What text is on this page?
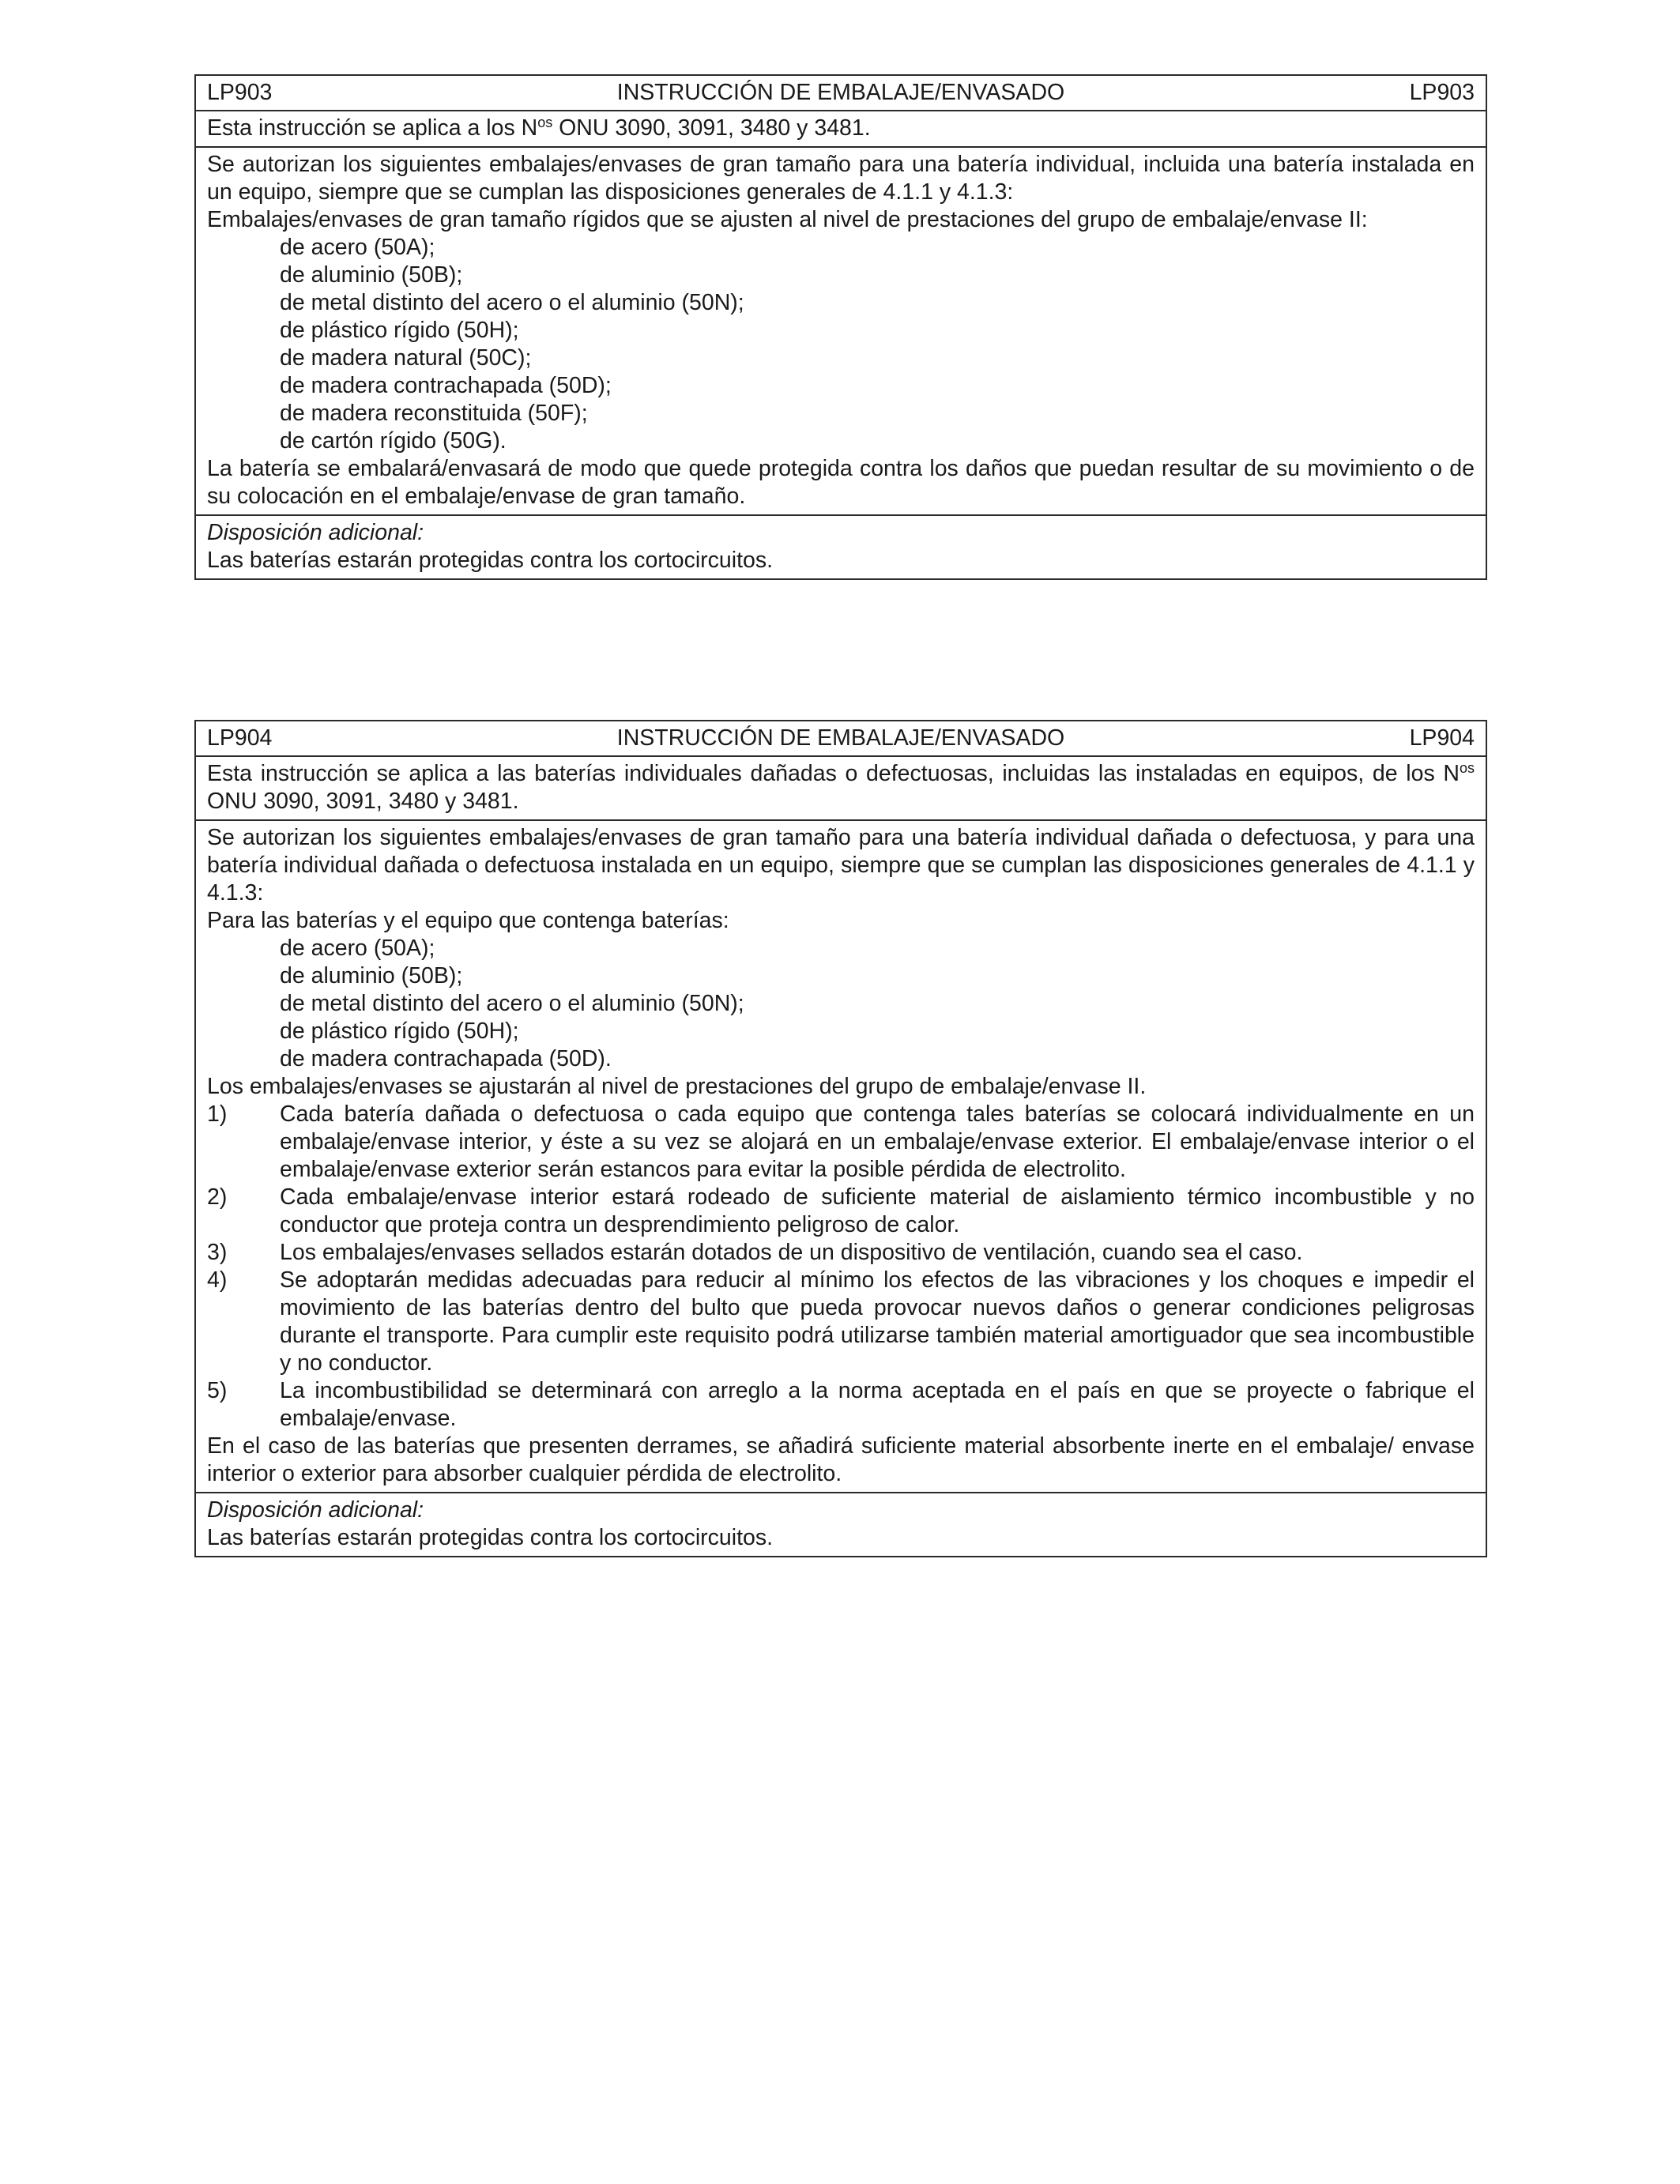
LP903	INSTRUCCIÓN DE EMBALAJE/ENVASADO	LP903

Esta instrucción se aplica a los $N^{os}$ ONU 3090, 3091, 3480 y 3481.

Se autorizan los siguientes embalajes/envases de gran tamaño para una batería individual, incluida una batería instalada en un equipo, siempre que se cumplan las disposiciones generales de 4.1.1 y 4.1.3:

Embalajes/envases de gran tamaño rígidos que se ajusten al nivel de prestaciones del grupo de embalaje/envase II:

de acero (50A);
de aluminio (50B);
de metal distinto del acero o el aluminio (50N);
de plástico rígido (50H);
de madera natural (50C);
de madera contrachapada (50D);
de madera reconstituida (50F);
de cartón rígido (50G).

La batería se embalará/envasará de modo que quede protegida contra los daños que puedan resultar de su movimiento o de su colocación en el embalaje/envase de gran tamaño.

Disposición adicional:

Las baterías estarán protegidas contra los cortocircuitos.

LP904	INSTRUCCIÓN DE EMBALAJE/ENVASADO	LP904

Esta instrucción se aplica a las baterías individuales dañadas o defectuosas, incluidas las instaladas en equipos, de los $N^{os}$ ONU 3090, 3091, 3480 y 3481.

Se autorizan los siguientes embalajes/envases de gran tamaño para una batería individual dañada o defectuosa, y para una batería individual dañada o defectuosa instalada en un equipo, siempre que se cumplan las disposiciones generales de 4.1.1 y 4.1.3:

Para las baterías y el equipo que contenga baterías:

de acero (50A);
de aluminio (50B);
de metal distinto del acero o el aluminio (50N);
de plástico rígido (50H);
de madera contrachapada (50D).

Los embalajes/envases se ajustarán al nivel de prestaciones del grupo de embalaje/envase II.

1)	Cada batería dañada o defectuosa o cada equipo que contenga tales baterías se colocará individualmente en un embalaje/envase interior, y éste a su vez se alojará en un embalaje/envase exterior. El embalaje/envase interior o el embalaje/envase exterior serán estancos para evitar la posible pérdida de electrolito.
2)	Cada embalaje/envase interior estará rodeado de suficiente material de aislamiento térmico incombustible y no conductor que proteja contra un desprendimiento peligroso de calor.
3)	Los embalajes/envases sellados estarán dotados de un dispositivo de ventilación, cuando sea el caso.
4)	Se adoptarán medidas adecuadas para reducir al mínimo los efectos de las vibraciones y los choques e impedir el movimiento de las baterías dentro del bulto que pueda provocar nuevos daños o generar condiciones peligrosas durante el transporte. Para cumplir este requisito podrá utilizarse también material amortiguador que sea incombustible y no conductor.
5)	La incombustibilidad se determinará con arreglo a la norma aceptada en el país en que se proyecte o fabrique el embalaje/envase.

En el caso de las baterías que presenten derrames, se añadirá suficiente material absorbente inerte en el embalaje/ envase interior o exterior para absorber cualquier pérdida de electrolito.

Disposición adicional:

Las baterías estarán protegidas contra los cortocircuitos.
